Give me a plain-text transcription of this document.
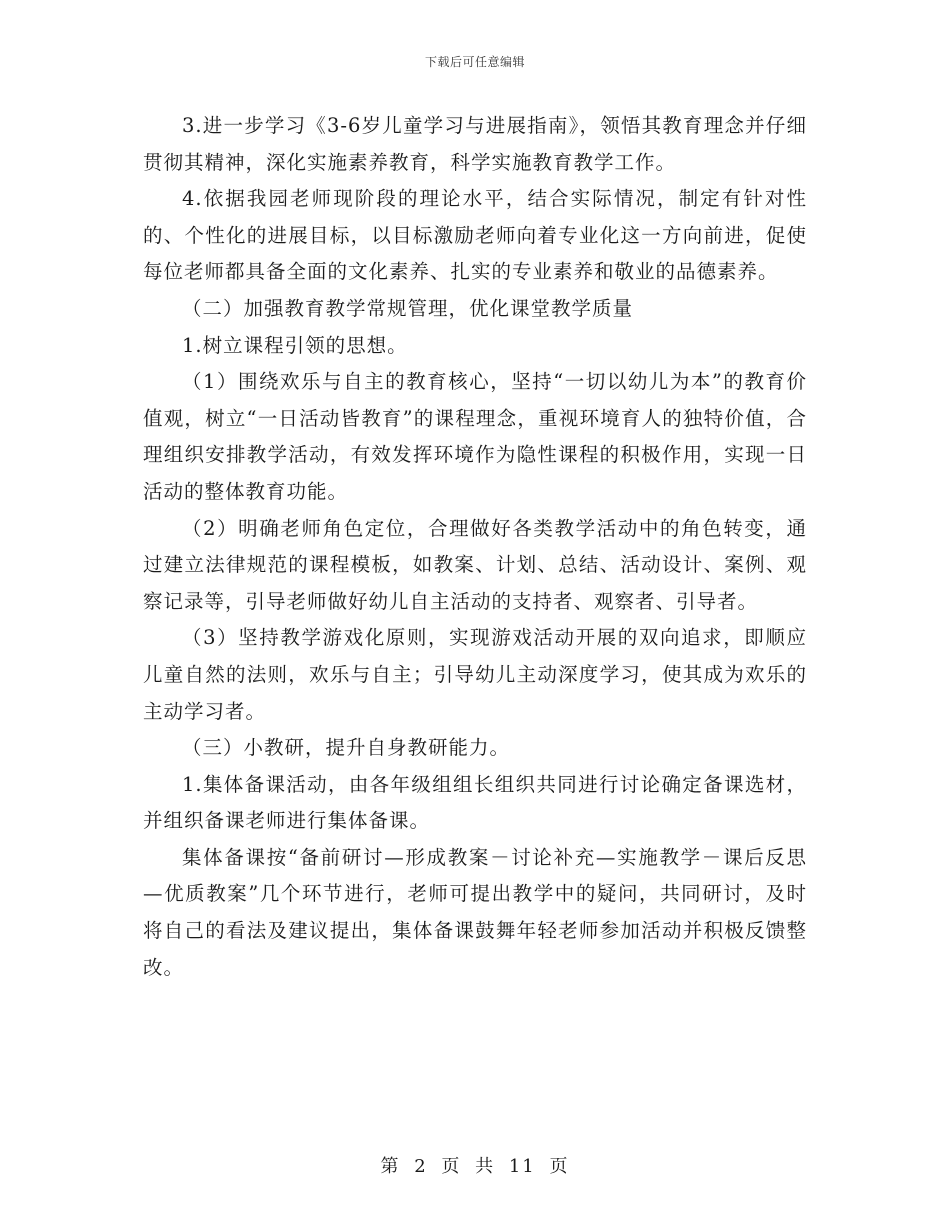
下载后可任意编辑

3.进一步学习《3-6岁儿童学习与进展指南》，领悟其教育理念并仔细贯彻其精神，深化实施素养教育，科学实施教育教学工作。

4.依据我园老师现阶段的理论水平，结合实际情况，制定有针对性的、个性化的进展目标，以目标激励老师向着专业化这一方向前进，促使每位老师都具备全面的文化素养、扎实的专业素养和敬业的品德素养。

（二）加强教育教学常规管理，优化课堂教学质量

1.树立课程引领的思想。

（1）围绕欢乐与自主的教育核心，坚持“一切以幼儿为本”的教育价值观，树立“一日活动皆教育”的课程理念，重视环境育人的独特价值，合理组织安排教学活动，有效发挥环境作为隐性课程的积极作用，实现一日活动的整体教育功能。

（2）明确老师角色定位，合理做好各类教学活动中的角色转变，通过建立法律规范的课程模板，如教案、计划、总结、活动设计、案例、观察记录等，引导老师做好幼儿自主活动的支持者、观察者、引导者。

（3）坚持教学游戏化原则，实现游戏活动开展的双向追求，即顺应儿童自然的法则，欢乐与自主；引导幼儿主动深度学习，使其成为欢乐的主动学习者。

（三）小教研，提升自身教研能力。

1.集体备课活动，由各年级组组长组织共同进行讨论确定备课选材，并组织备课老师进行集体备课。

集体备课按“备前研讨—形成教案－讨论补充—实施教学－课后反思—优质教案”几个环节进行，老师可提出教学中的疑问，共同研讨，及时将自己的看法及建议提出，集体备课鼓舞年轻老师参加活动并积极反馈整改。

第 2 页 共 11 页
